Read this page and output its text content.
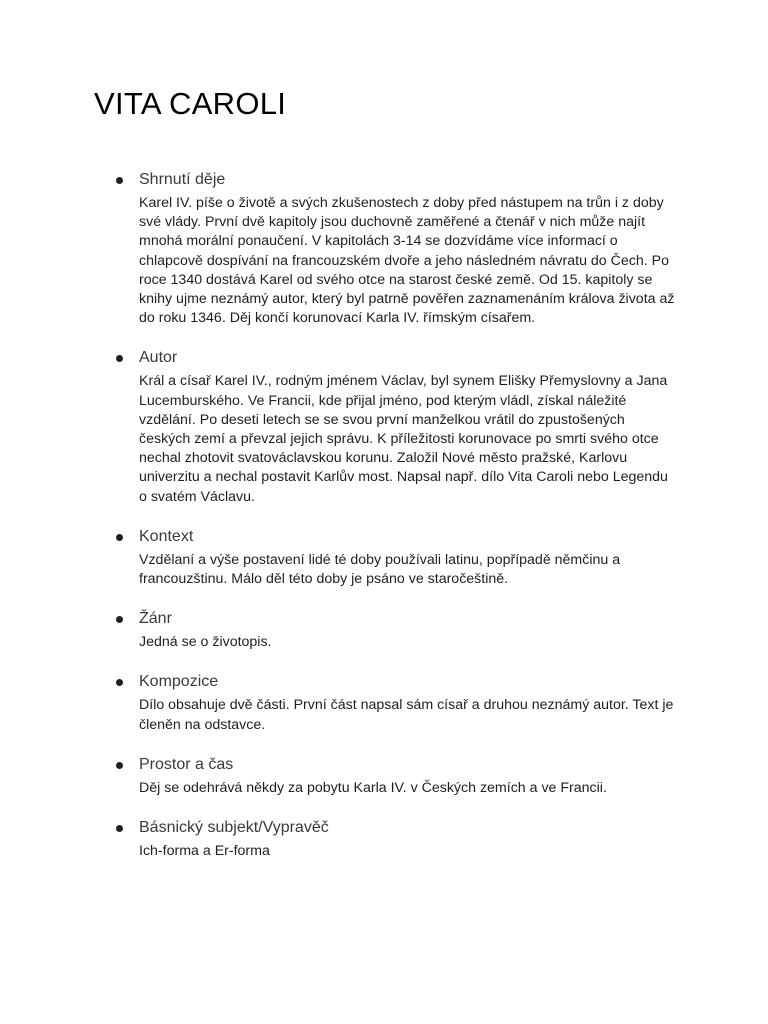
VITA CAROLI
Shrnutí děje

Karel IV. píše o životě a svých zkušenostech z doby před nástupem na trůn i z doby své vlády. První dvě kapitoly jsou duchovně zaměřené a čtenář v nich může najít mnohá morální ponaučení. V kapitolách 3-14 se dozvídáme více informací o chlapcově dospívání na francouzském dvoře a jeho následném návratu do Čech. Po roce 1340 dostává Karel od svého otce na starost české země. Od 15. kapitoly se knihy ujme neznámý autor, který byl patrně pověřen zaznamenáním králova života až do roku 1346. Děj končí korunovací Karla IV. římským císařem.

Autor

Král a císař Karel IV., rodným jménem Václav, byl synem Elišky Přemyslovny a Jana Lucemburského. Ve Francii, kde přijal jméno, pod kterým vládl, získal náležité vzdělání. Po deseti letech se se svou první manželkou vrátil do zpustošených českých zemí a převzal jejich správu. K příležitosti korunovace po smrti svého otce nechal zhotovit svatováclavskou korunu. Založil Nové město pražské, Karlovu univerzitu a nechal postavit Karlův most. Napsal např. dílo Vita Caroli nebo Legendu o svatém Václavu.

Kontext

Vzdělaní a výše postavení lidé té doby používali latinu, popřípadě němčinu a francouzštinu. Málo děl této doby je psáno ve staročeštině.

Žánr

Jedná se o životopis.

Kompozice

Dílo obsahuje dvě části. První část napsal sám císař a druhou neznámý autor. Text je členěn na odstavce.

Prostor a čas

Děj se odehrává někdy za pobytu Karla IV. v Českých zemích a ve Francii.

Básnický subjekt/Vypravěč

Ich-forma a Er-forma
